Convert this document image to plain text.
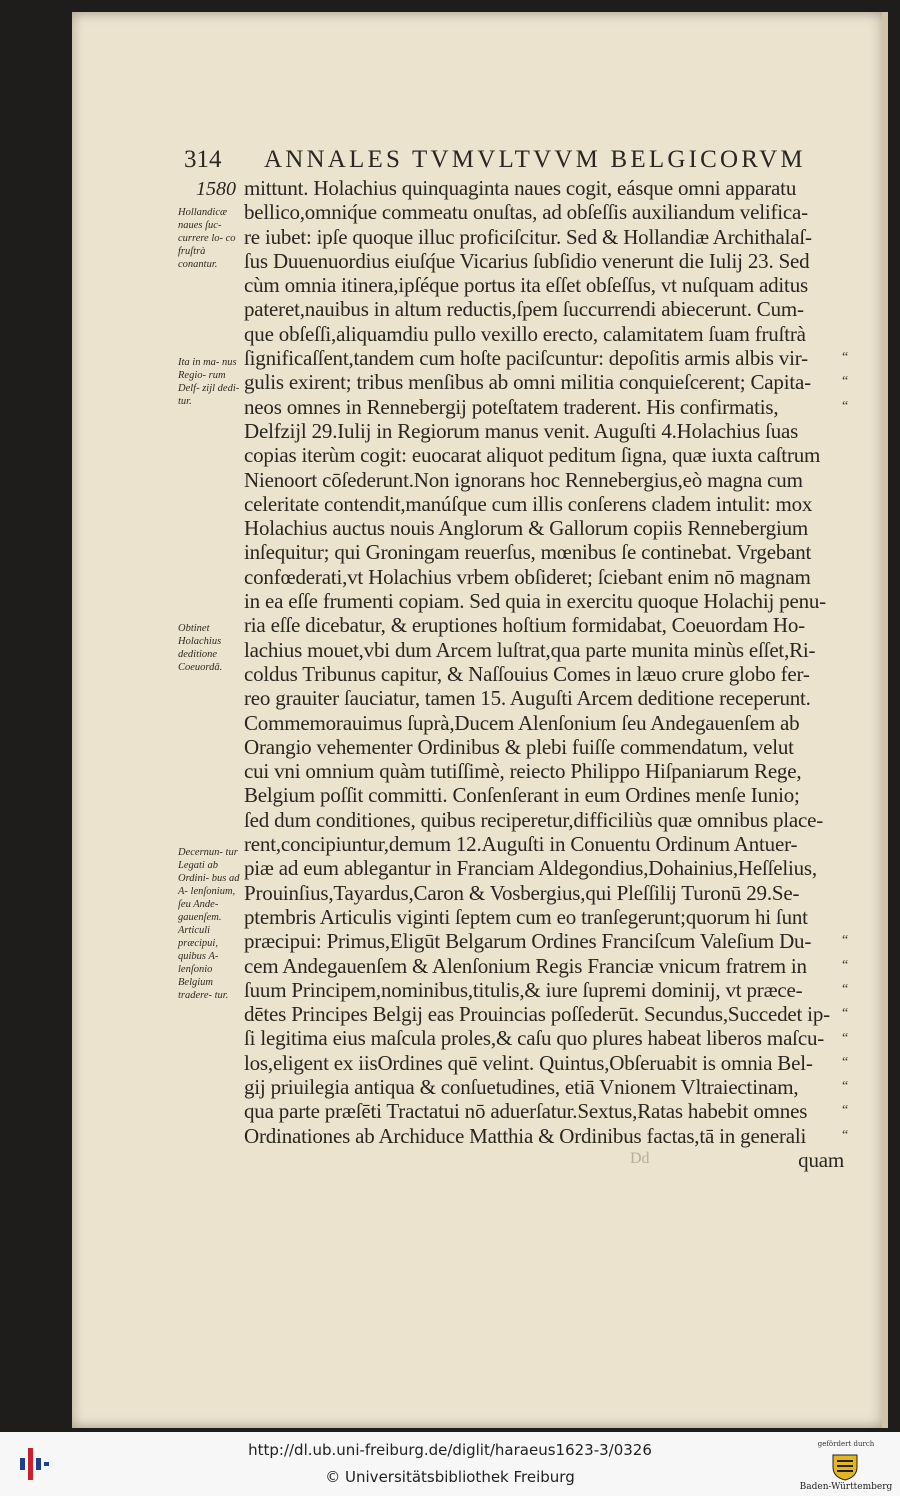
314 ANNALES TVMVLTVVM BELGICORVM
1580
Hollandicæ naues ſuc- currere lo- co fruſtrà conantur.
Ita in ma- nus Regio- rum Delf- zijl dedi- tur.
Obtinet Holachius deditione Coeuordā.
Decernun- tur Legati ab Ordini- bus ad A- lenſonium, ſeu Ande- gauenſem. Articuli præcipui, quibus A- lenſonio Belgium tradere- tur.
mittunt. Holachius quinquaginta naues cogit, eásque omni apparatu
bellico,omniq́ue commeatu onuſtas, ad obſeſſis auxiliandum velifica-
re iubet: ipſe quoque illuc proficiſcitur. Sed & Hollandiæ Archithalaſ-
ſus Duuenuordius eiuſq́ue Vicarius ſubſidio venerunt die Iulij 23. Sed
cùm omnia itinera,ipſéque portus ita eſſet obſeſſus, vt nuſquam aditus
pateret,nauibus in altum reductis,ſpem ſuccurrendi abiecerunt. Cum-
que obſeſſi,aliquamdiu pullo vexillo erecto, calamitatem ſuam fruſtrà
ſignificaſſent,tandem cum hoſte paciſcuntur: depoſitis armis albis vir-
gulis exirent; tribus menſibus ab omni militia conquieſcerent; Capita-
neos omnes in Rennebergij poteſtatem traderent. His confirmatis,
Delfzijl 29.Iulij in Regiorum manus venit. Auguſti 4.Holachius ſuas
copias iterùm cogit: euocarat aliquot peditum ſigna, quæ iuxta caſtrum
Nienoort cōſederunt.Non ignorans hoc Rennebergius,eò magna cum
celeritate contendit,manúſque cum illis conſerens cladem intulit: mox
Holachius auctus nouis Anglorum & Gallorum copiis Rennebergium
inſequitur; qui Groningam reuerſus, mœnibus ſe continebat. Vrgebant
confœderati,vt Holachius vrbem obſideret; ſciebant enim nō magnam
in ea eſſe frumenti copiam. Sed quia in exercitu quoque Holachij penu-
ria eſſe dicebatur, & eruptiones hoſtium formidabat, Coeuordam Ho-
lachius mouet,vbi dum Arcem luſtrat,qua parte munita minùs eſſet,Ri-
coldus Tribunus capitur, & Naſſouius Comes in læuo crure globo fer-
reo grauiter ſauciatur, tamen 15. Auguſti Arcem deditione receperunt.
Commemorauimus ſuprà,Ducem Alenſonium ſeu Andegauenſem ab
Orangio vehementer Ordinibus & plebi fuiſſe commendatum, velut
cui vni omnium quàm tutiſſimè, reiecto Philippo Hiſpaniarum Rege,
Belgium poſſit committi. Conſenſerant in eum Ordines menſe Iunio;
ſed dum conditiones, quibus reciperetur,difficiliùs quæ omnibus place-
rent,concipiuntur,demum 12.Auguſti in Conuentu Ordinum Antuer-
piæ ad eum ablegantur in Franciam Aldegondius,Dohainius,Heſſelius,
Prouinſius,Tayardus,Caron & Vosbergius,qui Pleſſilij Turonū 29.Se-
ptembris Articulis viginti ſeptem cum eo tranſegerunt;quorum hi ſunt
præcipui: Primus,Eligūt Belgarum Ordines Franciſcum Valeſium Du-
cem Andegauenſem & Alenſonium Regis Franciæ vnicum fratrem in
ſuum Principem,nominibus,titulis,& iure ſupremi dominij, vt præce-
dētes Principes Belgij eas Prouincias poſſederūt. Secundus,Succedet ip-
ſi legitima eius maſcula proles,& caſu quo plures habeat liberos maſcu-
los,eligent ex iisOrdines quē velint. Quintus,Obſeruabit is omnia Bel-
gij priuilegia antiqua & conſuetudines, etiā Vnionem Vltraiectinam,
qua parte præſēti Tractatui nō aduerſatur.Sextus,Ratas habebit omnes
Ordinationes ab Archiduce Matthia & Ordinibus factas,tā in generali
quam
Dd
“
“
“
“
“
“
“
“
“
“
“
“
http://dl.ub.uni-freiburg.de/diglit/haraeus1623-3/0326
© Universitätsbibliothek Freiburg
gefördert durch
Baden-Württemberg
